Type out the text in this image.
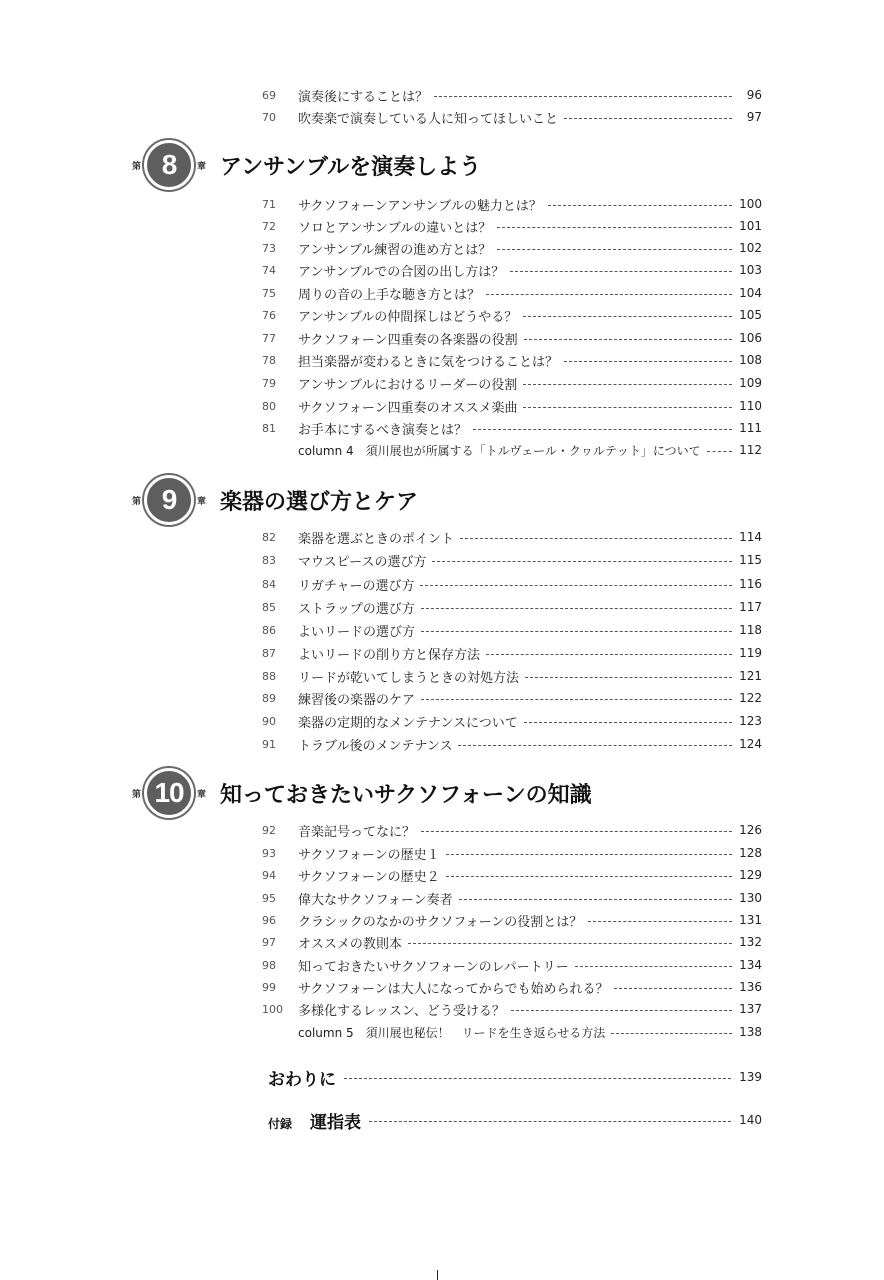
69	演奏後にすることは？	96
70	吹奏楽で演奏している人に知ってほしいこと	97
第 8	章 アンサンブルを演奏しよう
71	サクソフォーンアンサンブルの魅力とは？	100
72	ソロとアンサンブルの違いとは？	101
73	アンサンブル練習の進め方とは？	102
74	アンサンブルでの合図の出し方は？	103
75	周りの音の上手な聴き方とは？	104
76	アンサンブルの仲間探しはどうやる？	105
77	サクソフォーン四重奏の各楽器の役割	106
78	担当楽器が変わるときに気をつけることは？	108
79	アンサンブルにおけるリーダーの役割	109
80	サクソフォーン四重奏のオススメ楽曲	110
81	お手本にするべき演奏とは？	111
column 4　須川展也が所属する「トルヴェール・クヮルテット」について	112
第 9	章 楽器の選び方とケア
82	楽器を選ぶときのポイント	114
83	マウスピースの選び方	115
84	リガチャーの選び方	116
85	ストラップの選び方	117
86	よいリードの選び方	118
87	よいリードの削り方と保存方法	119
88	リードが乾いてしまうときの対処方法	121
89	練習後の楽器のケア	122
90	楽器の定期的なメンテナンスについて	123
91	トラブル後のメンテナンス	124
第 10	章 知っておきたいサクソフォーンの知識
92	音楽記号ってなに？	126
93	サクソフォーンの歴史１	128
94	サクソフォーンの歴史２	129
95	偉大なサクソフォーン奏者	130
96	クラシックのなかのサクソフォーンの役割とは？	131
97	オススメの教則本	132
98	知っておきたいサクソフォーンのレパートリー	134
99	サクソフォーンは大人になってからでも始められる？	136
100	多様化するレッスン、どう受ける？	137
column 5　須川展也秘伝！　リードを生き返らせる方法	138
おわりに	139
付録 運指表	140
